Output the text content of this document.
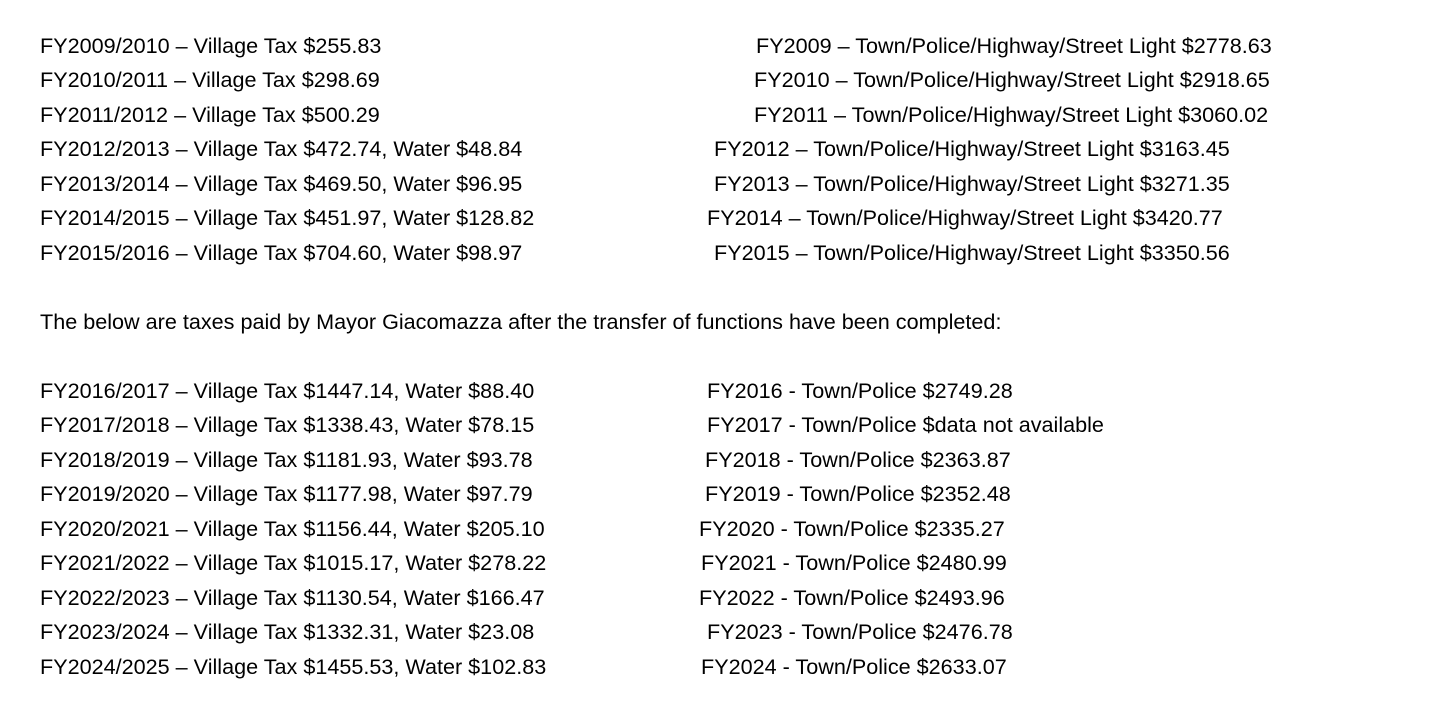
FY2009/2010 – Village Tax $255.83
FY2010/2011 – Village Tax $298.69
FY2011/2012 – Village Tax $500.29
FY2012/2013 – Village Tax $472.74, Water $48.84
FY2013/2014 – Village Tax $469.50, Water $96.95
FY2014/2015 – Village Tax $451.97, Water $128.82
FY2015/2016 – Village Tax $704.60, Water $98.97
FY2009 – Town/Police/Highway/Street Light $2778.63
FY2010 – Town/Police/Highway/Street Light $2918.65
FY2011 – Town/Police/Highway/Street Light $3060.02
FY2012 – Town/Police/Highway/Street Light $3163.45
FY2013 – Town/Police/Highway/Street Light $3271.35
FY2014 – Town/Police/Highway/Street Light $3420.77
FY2015 – Town/Police/Highway/Street Light $3350.56
The below are taxes paid by Mayor Giacomazza after the transfer of functions have been completed:
FY2016/2017 – Village Tax $1447.14, Water $88.40
FY2017/2018 – Village Tax $1338.43, Water $78.15
FY2018/2019 – Village Tax $1181.93, Water $93.78
FY2019/2020 – Village Tax $1177.98, Water $97.79
FY2020/2021 – Village Tax $1156.44, Water $205.10
FY2021/2022 – Village Tax $1015.17, Water $278.22
FY2022/2023 – Village Tax $1130.54, Water $166.47
FY2023/2024 – Village Tax $1332.31, Water $23.08
FY2024/2025 – Village Tax $1455.53, Water $102.83
FY2016 - Town/Police $2749.28
FY2017 - Town/Police $data not available
FY2018 - Town/Police $2363.87
FY2019 - Town/Police $2352.48
FY2020 - Town/Police $2335.27
FY2021 - Town/Police $2480.99
FY2022 - Town/Police $2493.96
FY2023 - Town/Police $2476.78
FY2024 - Town/Police $2633.07
